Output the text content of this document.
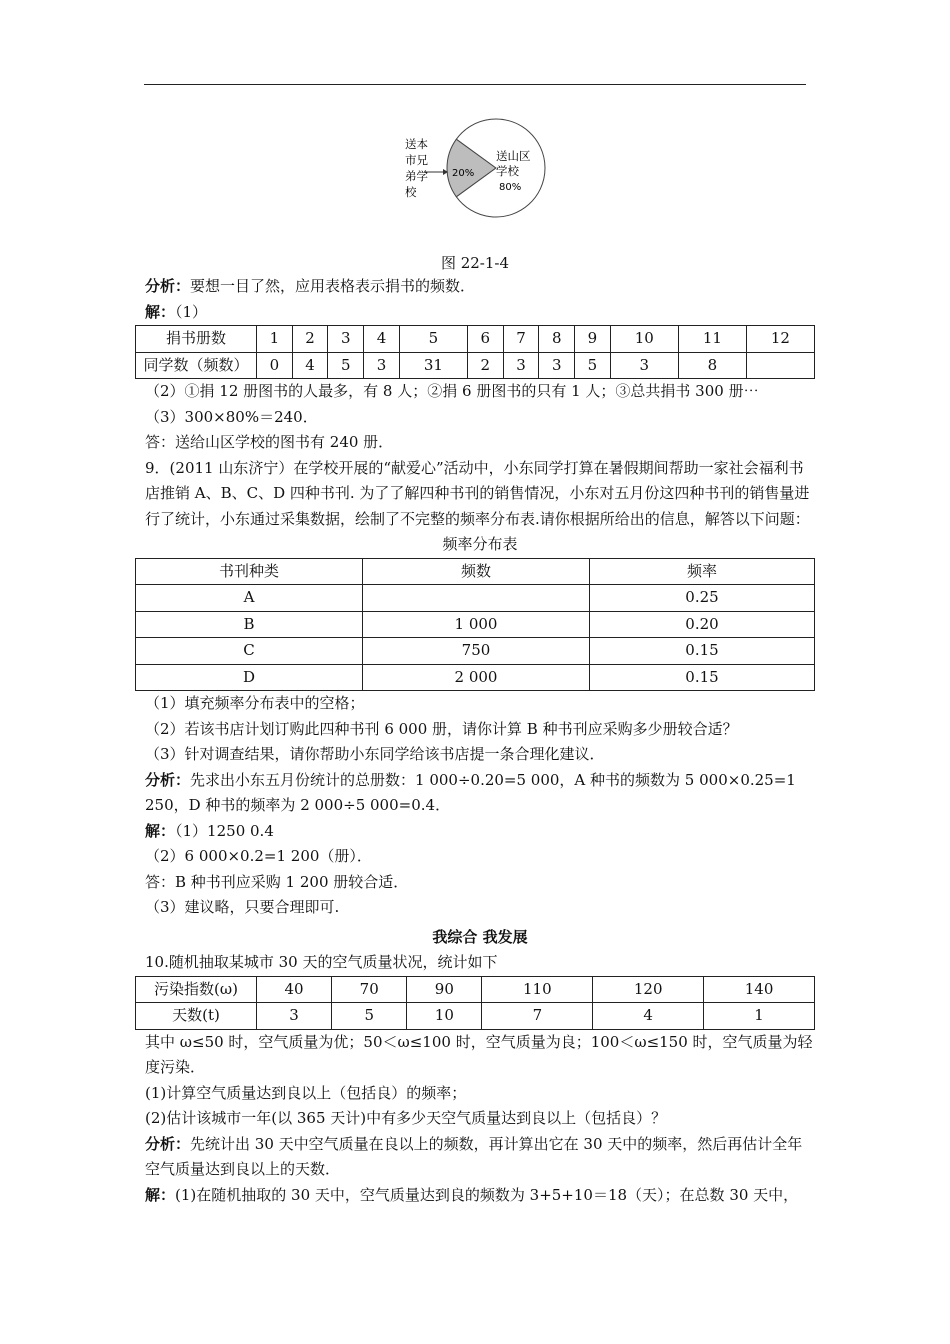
送本
市兄
弟学
校
20%
送山区
学校
80%
图 22-1-4

分析：要想一目了然，应用表格表示捐书的频数．

解：（1）

捐书册数	1	2	3	4	5	6	7	8	9	10	11	12
同学数（频数）	0	4	5	3	31	2	3	3	5	3	8	

（2）①捐 12 册图书的人最多，有 8 人；②捐 6 册图书的只有 1 人；③总共捐书 300 册⋯

（3）300×80%＝240．

答：送给山区学校的图书有 240 册．

9．(2011 山东济宁）在学校开展的“献爱心”活动中，小东同学打算在暑假期间帮助一家社会福利书店推销 A、B、C、D 四种书刊. 为了了解四种书刊的销售情况，小东对五月份这四种书刊的销售量进行了统计，小东通过采集数据，绘制了不完整的频率分布表.请你根据所给出的信息，解答以下问题：

频率分布表

书刊种类	频数	频率
A		0.25
B	1 000	0.20
C	750	0.15
D	2 000	0.15

（1）填充频率分布表中的空格；

（2）若该书店计划订购此四种书刊 6 000 册，请你计算 B 种书刊应采购多少册较合适？

（3）针对调查结果，请你帮助小东同学给该书店提一条合理化建议．

分析：先求出小东五月份统计的总册数：1 000÷0.20=5 000，A 种书的频数为 5 000×0.25=1 250，D 种书的频率为 2 000÷5 000=0.4．

解：（1）1250 0.4

（2）6 000×0.2=1 200（册）．

答：B 种书刊应采购 1 200 册较合适．

（3）建议略，只要合理即可.

我综合 我发展

10.随机抽取某城市 30 天的空气质量状况，统计如下

污染指数(ω)	40	70	90	110	120	140
天数(t)	3	5	10	7	4	1

其中 ω≤50 时，空气质量为优；50＜ω≤100 时，空气质量为良；100＜ω≤150 时，空气质量为轻度污染．

(1)计算空气质量达到良以上（包括良）的频率；

(2)估计该城市一年(以 365 天计)中有多少天空气质量达到良以上（包括良）？

分析：先统计出 30 天中空气质量在良以上的频数，再计算出它在 30 天中的频率，然后再估计全年空气质量达到良以上的天数．

解：(1)在随机抽取的 30 天中，空气质量达到良的频数为 3+5+10＝18（天）；在总数 30 天中，
